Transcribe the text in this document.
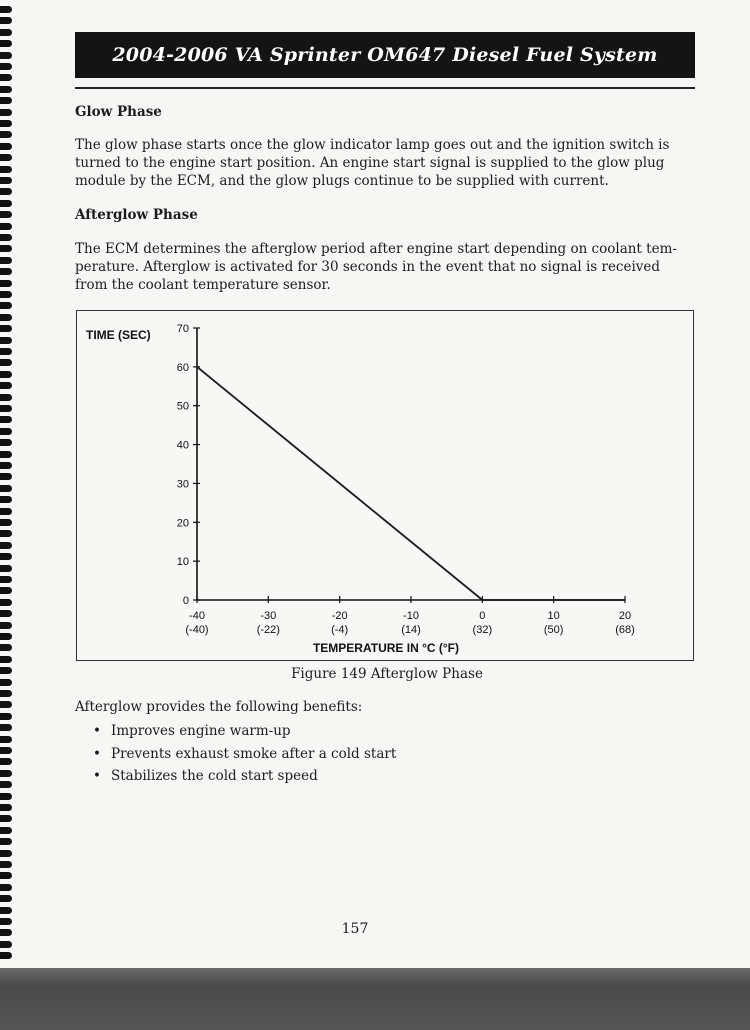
2004-2006 VA Sprinter OM647 Diesel Fuel System
Glow Phase
The glow phase starts once the glow indicator lamp goes out and the ignition switch is
turned to the engine start position. An engine start signal is supplied to the glow plug
module by the ECM, and the glow plugs continue to be supplied with current.
Afterglow Phase
The ECM determines the afterglow period after engine start depending on coolant tem-
perature. Afterglow is activated for 30 seconds in the event that no signal is received
from the coolant temperature sensor.
TIME (SEC)
TEMPERATURE IN °C (°F)
0
10
20
30
40
50
60
70
-40
(-40)
-30
(-22)
-20
(-4)
-10
(14)
0
(32)
10
(50)
20
(68)
Figure 149 Afterglow Phase
Afterglow provides the following benefits:
• Improves engine warm-up
• Prevents exhaust smoke after a cold start
• Stabilizes the cold start speed
157
